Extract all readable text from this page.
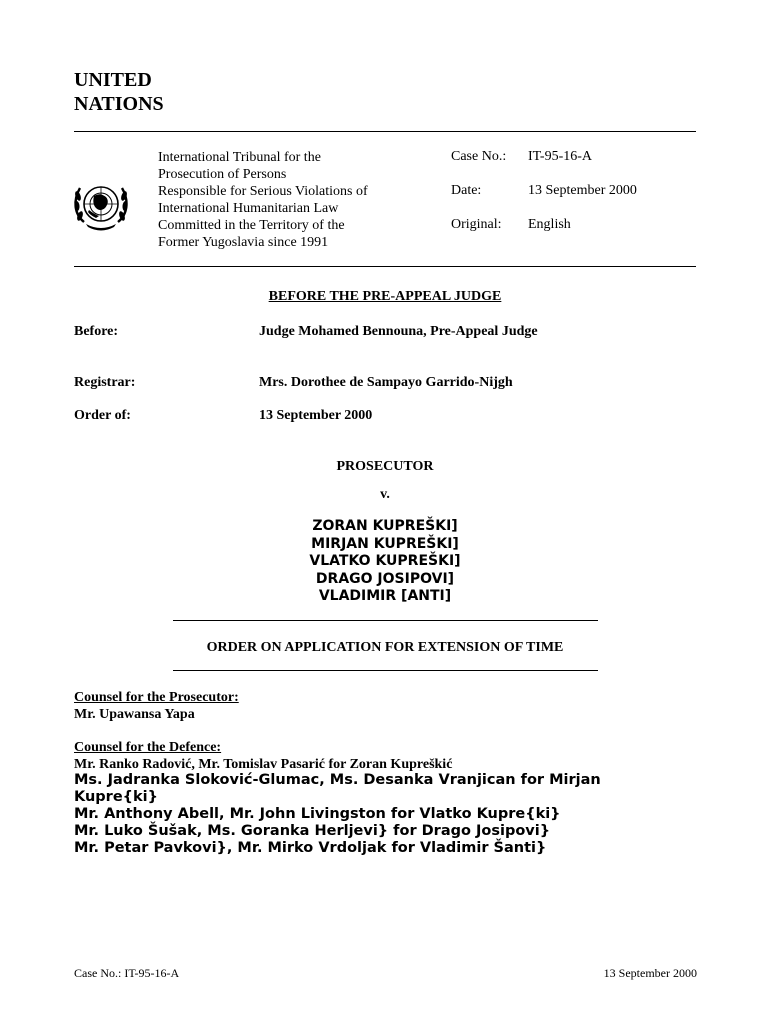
UNITED
NATIONS
International Tribunal for the
Prosecution of Persons
Responsible for Serious Violations of
International Humanitarian Law
Committed in the Territory of the
Former Yugoslavia since 1991
Case No.: IT-95-16-A
Date:	13 September 2000
Original: English
BEFORE THE PRE-APPEAL JUDGE
Before:	Judge Mohamed Bennouna, Pre-Appeal Judge
Registrar:	Mrs. Dorothee de Sampayo Garrido-Nijgh
Order of:	13 September 2000
PROSECUTOR
v.
ZORAN KUPREŠKI]
MIRJAN KUPREŠKI]
VLATKO KUPREŠKI]
DRAGO JOSIPOVI]
VLADIMIR [ANTI]
ORDER ON APPLICATION FOR EXTENSION OF TIME
Counsel for the Prosecutor:
Mr. Upawansa Yapa
Counsel for the Defence:
Mr. Ranko Radović, Mr. Tomislav Pasarić for Zoran Kupreškić
Ms. Jadranka Sloković-Glumac, Ms. Desanka Vranjican for Mirjan
Kupre{ki}
Mr. Anthony Abell, Mr. John Livingston for Vlatko Kupre{ki}
Mr. Luko Šušak, Ms. Goranka Herljevi} for Drago Josipovi}
Mr. Petar Pavkovi}, Mr. Mirko Vrdoljak for Vladimir Šanti}
Case No.: IT-95-16-A	13 September 2000
